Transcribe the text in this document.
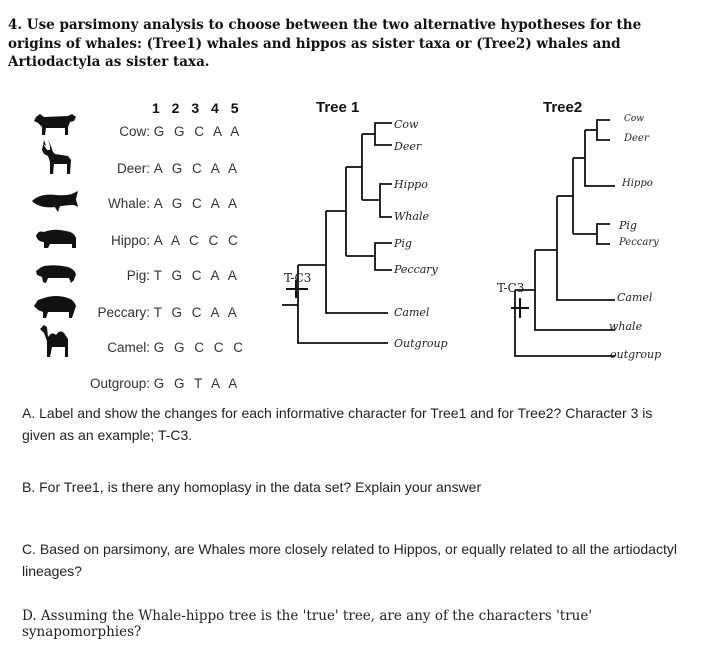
4. Use parsimony analysis to choose between the two alternative hypotheses for the origins of whales: (Tree1) whales and hippos as sister taxa or (Tree2) whales and Artiodactyla as sister taxa.
1 2 3 4 5
Cow: G G C A A
Deer: A G C A A
Whale: A G C A A
Hippo: A A C C C
Pig: T G C A A
Peccary: T G C A A
Camel: G G C C C
Outgroup: G G T A A
Tree 1	Tree2
Cow
Deer
Hippo
Whale
Pig
Peccary
Camel
Outgroup
T-C3
Cow
Deer
Hippo
Pig
Peccary
Camel
whale
outgroup
T-C3
A. Label and show the changes for each informative character for Tree1 and for Tree2? Character 3 is given as an example; T-C3.
B. For Tree1, is there any homoplasy in the data set? Explain your answer
C. Based on parsimony, are Whales more closely related to Hippos, or equally related to all the artiodactyl lineages?
D. Assuming the Whale-hippo tree is the 'true' tree, are any of the characters 'true' synapomorphies?
